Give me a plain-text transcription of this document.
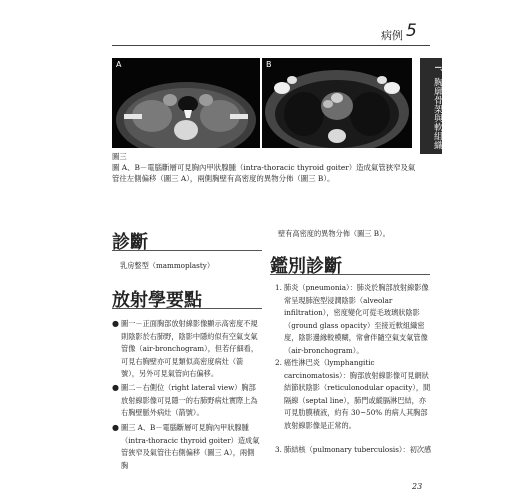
病例 5
I、胸廓骨架與軟組織
A	B
圖三
圖 A、B－電腦斷層可見胸內甲狀腺腫（intra-thoracic thyroid goiter）造成氣管狹窄及氣管往左側偏移（圖三 A），兩側胸壁有高密度的異物分佈（圖三 B）。
診斷
乳房整型（mammoplasty）
放射學要點
● 圖一－正面胸部放射線影像顯示高密度不規則陰影於右肺野，陰影中隱約似有空氣支氣管像（air-bronchogram），但若仔細看，可見右胸壁亦可見類似高密度病灶（箭號），另外可見氣管向右偏移。
● 圖二－右側位（right lateral view）胸部放射線影像可見隱一的右肺野病灶實際上為右胸壁脈外病灶（箭號）。
● 圖三 A、B－電腦斷層可見胸內甲狀腺腫（intra-thoracic thyroid goiter）造成氣管狹窄及氣管往右側偏移（圖三 A），兩側胸
壁有高密度的異物分佈（圖三 B）。
鑑別診斷
1. 肺炎（pneumonia）：肺炎於胸部放射線影像常呈現肺泡型浸潤陰影（alveolar infiltration），密度變化可從毛玻璃狀陰影（ground glass opacity）至接近軟組織密度，陰影邊緣較模糊，常會伴隨空氣支氣管像（air-bronchogram）。
2. 癌性淋巴炎（lymphangitic carcinomatosis）：胸部放射線影像可見網狀結節狀陰影（reticulonodular opacity），間隔線（septal line），肺門或縱膈淋巴結，亦可見肋膜積液，約有 30~50% 的病人其胸部放射線影像是正常的。
3. 肺結核（pulmonary tuberculosis）：初次感
23
